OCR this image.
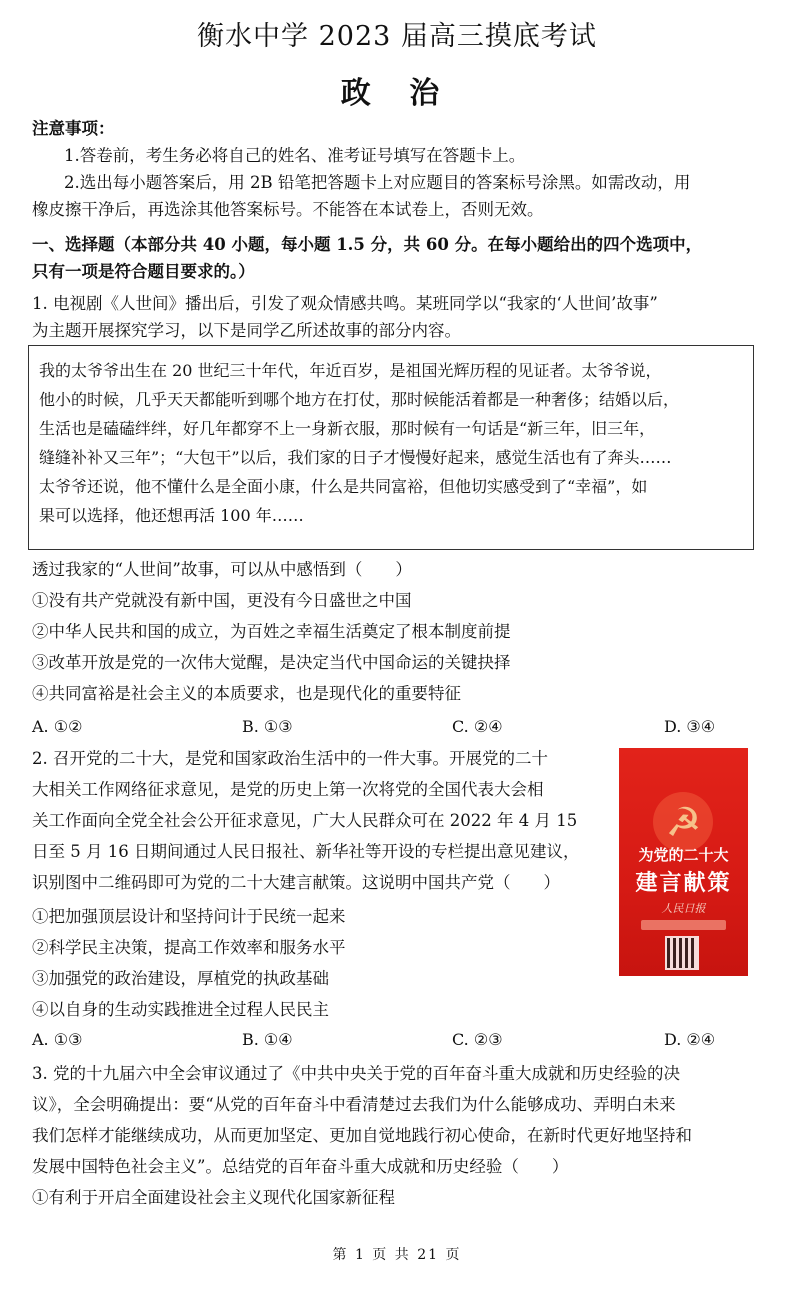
衡水中学 2023 届高三摸底考试
政 治
注意事项：
1.答卷前，考生务必将自己的姓名、准考证号填写在答题卡上。
2.选出每小题答案后，用 2B 铅笔把答题卡上对应题目的答案标号涂黑。如需改动，用
橡皮擦干净后，再选涂其他答案标号。不能答在本试卷上，否则无效。
一、选择题（本部分共 40 小题，每小题 1.5 分，共 60 分。在每小题给出的四个选项中，
只有一项是符合题目要求的。）
1. 电视剧《人世间》播出后，引发了观众情感共鸣。某班同学以“我家的‘人世间’故事”
为主题开展探究学习，以下是同学乙所述故事的部分内容。
我的太爷爷出生在 20 世纪三十年代，年近百岁，是祖国光辉历程的见证者。太爷爷说，
他小的时候，几乎天天都能听到哪个地方在打仗，那时候能活着都是一种奢侈；结婚以后，
生活也是磕磕绊绊，好几年都穿不上一身新衣服，那时候有一句话是“新三年，旧三年，
缝缝补补又三年”；“大包干”以后，我们家的日子才慢慢好起来，感觉生活也有了奔头……
太爷爷还说，他不懂什么是全面小康，什么是共同富裕，但他切实感受到了“幸福”，如
果可以选择，他还想再活 100 年……
透过我家的“人世间”故事，可以从中感悟到（　　）
①没有共产党就没有新中国，更没有今日盛世之中国
②中华人民共和国的成立，为百姓之幸福生活奠定了根本制度前提
③改革开放是党的一次伟大觉醒，是决定当代中国命运的关键抉择
④共同富裕是社会主义的本质要求，也是现代化的重要特征
A. ①②	B. ①③	C. ②④	D. ③④
2. 召开党的二十大，是党和国家政治生活中的一件大事。开展党的二十
大相关工作网络征求意见，是党的历史上第一次将党的全国代表大会相
关工作面向全党全社会公开征求意见，广大人民群众可在 2022 年 4 月 15
日至 5 月 16 日期间通过人民日报社、新华社等开设的专栏提出意见建议，
识别图中二维码即可为党的二十大建言献策。这说明中国共产党（　　）
①把加强顶层设计和坚持问计于民统一起来
②科学民主决策，提高工作效率和服务水平
③加强党的政治建设，厚植党的执政基础
④以自身的生动实践推进全过程人民民主
☭
为党的二十大
建言献策
人民日报
A. ①③	B. ①④	C. ②③	D. ②④
3. 党的十九届六中全会审议通过了《中共中央关于党的百年奋斗重大成就和历史经验的决
议》，全会明确提出：要“从党的百年奋斗中看清楚过去我们为什么能够成功、弄明白未来
我们怎样才能继续成功，从而更加坚定、更加自觉地践行初心使命，在新时代更好地坚持和
发展中国特色社会主义”。总结党的百年奋斗重大成就和历史经验（　　）
①有利于开启全面建设社会主义现代化国家新征程
第 1 页 共 21 页
